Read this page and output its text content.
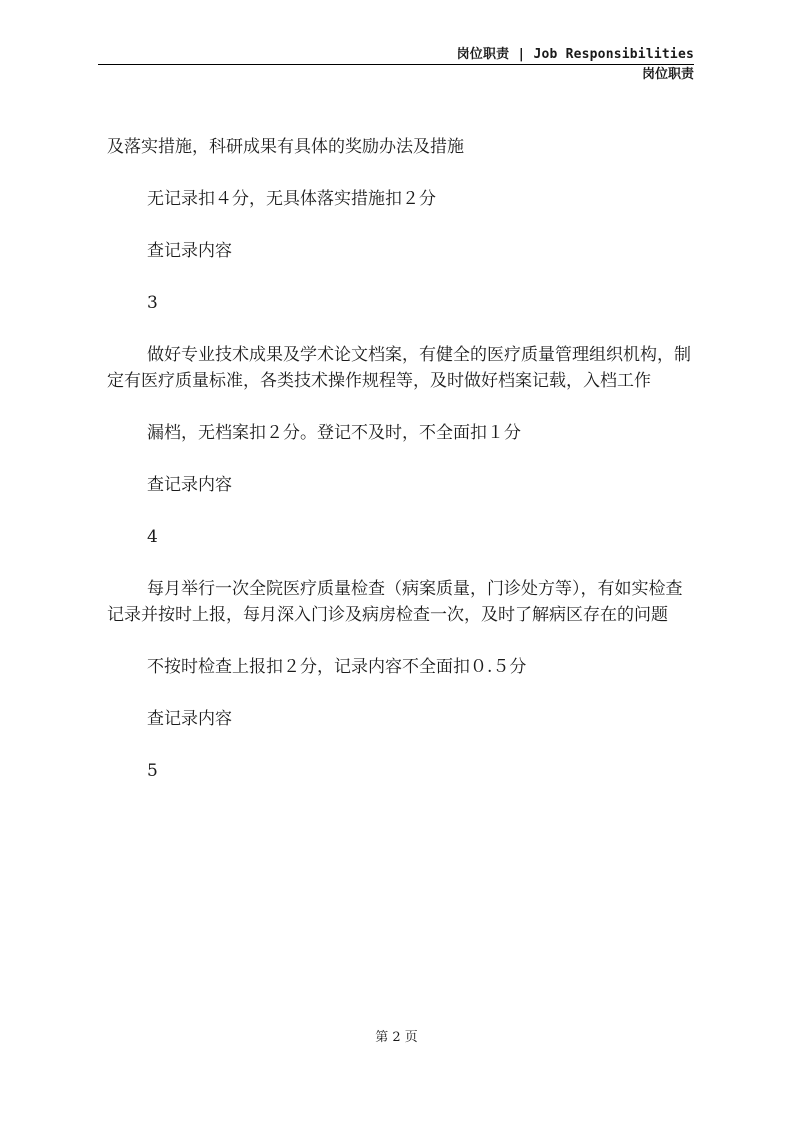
岗位职责 | Job Responsibilities
岗位职责

及落实措施，科研成果有具体的奖励办法及措施

无记录扣４分，无具体落实措施扣２分

查记录内容

3

做好专业技术成果及学术论文档案，有健全的医疗质量管理组织机构，制定有医疗质量标准，各类技术操作规程等，及时做好档案记载，入档工作

漏档，无档案扣２分。登记不及时，不全面扣１分

查记录内容

4

每月举行一次全院医疗质量检查（病案质量，门诊处方等），有如实检查记录并按时上报，每月深入门诊及病房检查一次，及时了解病区存在的问题

不按时检查上报扣２分，记录内容不全面扣０.５分

查记录内容

5

第 2 页
